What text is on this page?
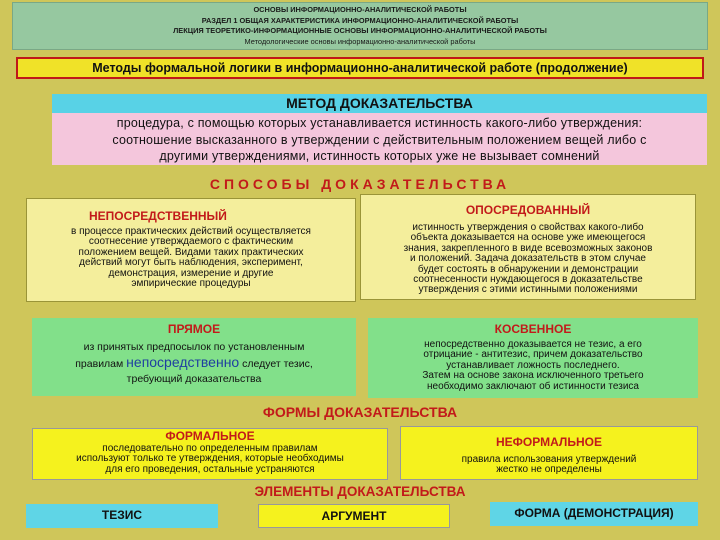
ОСНОВЫ ИНФОРМАЦИОННО-АНАЛИТИЧЕСКОЙ РАБОТЫ
РАЗДЕЛ 1 ОБЩАЯ ХАРАКТЕРИСТИКА ИНФОРМАЦИОННО-АНАЛИТИЧЕСКОЙ РАБОТЫ
ЛЕКЦИЯ ТЕОРЕТИКО-ИНФОРМАЦИОННЫЕ ОСНОВЫ ИНФОРМАЦИОННО-АНАЛИТИЧЕСКОЙ РАБОТЫ
Методологические основы информационно-аналитической работы
Методы формальной логики в информационно-аналитической работе (продолжение)
МЕТОД ДОКАЗАТЕЛЬСТВА
процедура, с помощью которых устанавливается истинность какого-либо утверждения:
соотношение высказанного в утверждении с действительным положением вещей либо с
другими утверждениями, истинность которых уже не вызывает сомнений
СПОСОБЫ ДОКАЗАТЕЛЬСТВА
НЕПОСРЕДСТВЕННЫЙ
в процессе практических действий осуществляется
соотнесение утверждаемого с фактическим
положением вещей. Видами таких практических
действий могут быть наблюдения, эксперимент,
демонстрация, измерение и другие
эмпирические процедуры
ОПОСРЕДОВАННЫЙ
истинность утверждения о свойствах какого-либо
объекта доказывается на основе уже имеющегося
знания, закрепленного в виде всевозможных законов
и положений. Задача доказательств в этом случае
будет состоять в обнаружении и демонстрации
соотнесенности нуждающегося в доказательстве
утверждения с этими истинными положениями
ПРЯМОЕ
из принятых предпосылок по установленным
правилам непосредственно следует тезис,
требующий доказательства
КОСВЕННОЕ
непосредственно доказывается не тезис, а его
отрицание - антитезис, причем доказательство
устанавливает ложность последнего.
Затем на основе закона исключенного третьего
необходимо заключают об истинности тезиса
ФОРМЫ ДОКАЗАТЕЛЬСТВА
ФОРМАЛЬНОЕ
последовательно по определенным правилам
используют только те утверждения, которые необходимы
для его проведения, остальные устраняются
НЕФОРМАЛЬНОЕ
правила использования утверждений
жестко не определены
ЭЛЕМЕНТЫ ДОКАЗАТЕЛЬСТВА
ТЕЗИС	АРГУМЕНТ	ФОРМА (ДЕМОНСТРАЦИЯ)
